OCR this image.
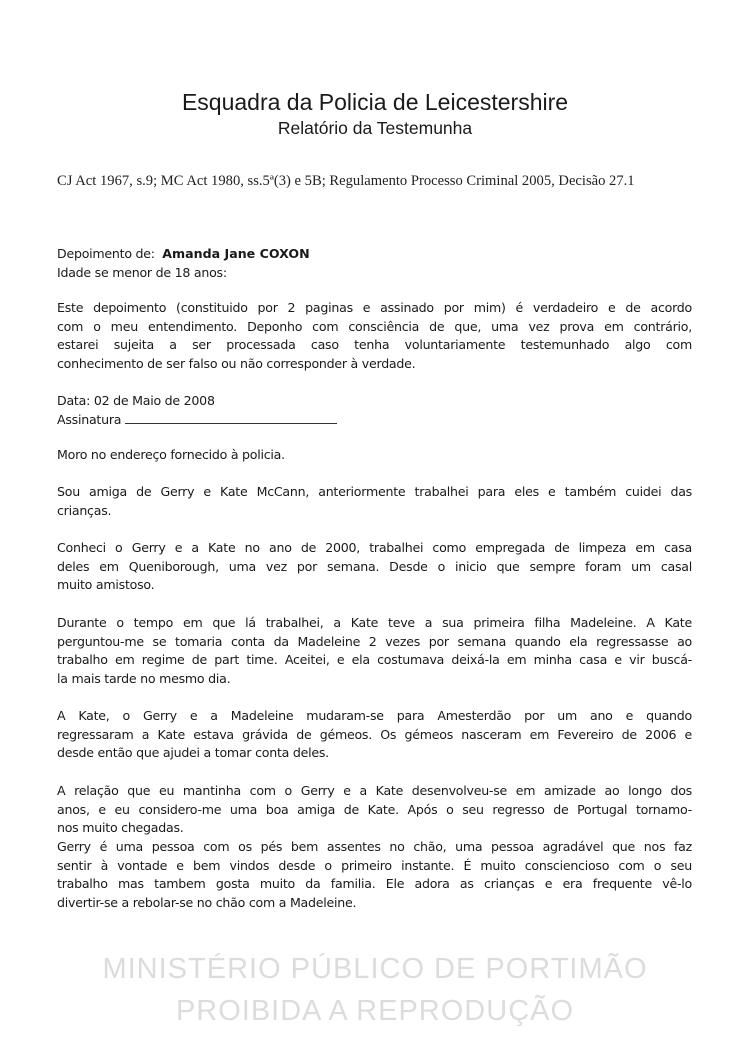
Esquadra da Policia de Leicestershire
Relatório da Testemunha
CJ Act 1967, s.9; MC Act 1980, ss.5ª(3) e 5B; Regulamento Processo Criminal 2005, Decisão 27.1
Depoimento de: Amanda Jane COXON
Idade se menor de 18 anos:
Este depoimento (constituido por 2 paginas e assinado por mim) é verdadeiro e de acordo
com o meu entendimento. Deponho com consciência de que, uma vez prova em contrário,
estarei sujeita a ser processada caso tenha voluntariamente testemunhado algo com
conhecimento de ser falso ou não corresponder à verdade.
Data: 02 de Maio de 2008
Assinatura
Moro no endereço fornecido à policia.
Sou amiga de Gerry e Kate McCann, anteriormente trabalhei para eles e também cuidei das
crianças.
Conheci o Gerry e a Kate no ano de 2000, trabalhei como empregada de limpeza em casa
deles em Queniborough, uma vez por semana. Desde o inicio que sempre foram um casal
muito amistoso.
Durante o tempo em que lá trabalhei, a Kate teve a sua primeira filha Madeleine. A Kate
perguntou-me se tomaria conta da Madeleine 2 vezes por semana quando ela regressasse ao
trabalho em regime de part time. Aceitei, e ela costumava deixá-la em minha casa e vir buscá-
la mais tarde no mesmo dia.
A Kate, o Gerry e a Madeleine mudaram-se para Amesterdão por um ano e quando
regressaram a Kate estava grávida de gémeos. Os gémeos nasceram em Fevereiro de 2006 e
desde então que ajudei a tomar conta deles.
A relação que eu mantinha com o Gerry e a Kate desenvolveu-se em amizade ao longo dos
anos, e eu considero-me uma boa amiga de Kate. Após o seu regresso de Portugal tornamo-
nos muito chegadas.
Gerry é uma pessoa com os pés bem assentes no chão, uma pessoa agradável que nos faz
sentir à vontade e bem vindos desde o primeiro instante. É muito consciencioso com o seu
trabalho mas tambem gosta muito da familia. Ele adora as crianças e era frequente vê-lo
divertir-se a rebolar-se no chão com a Madeleine.
MINISTÉRIO PÚBLICO DE PORTIMÃO
PROIBIDA A REPRODUÇÃO
